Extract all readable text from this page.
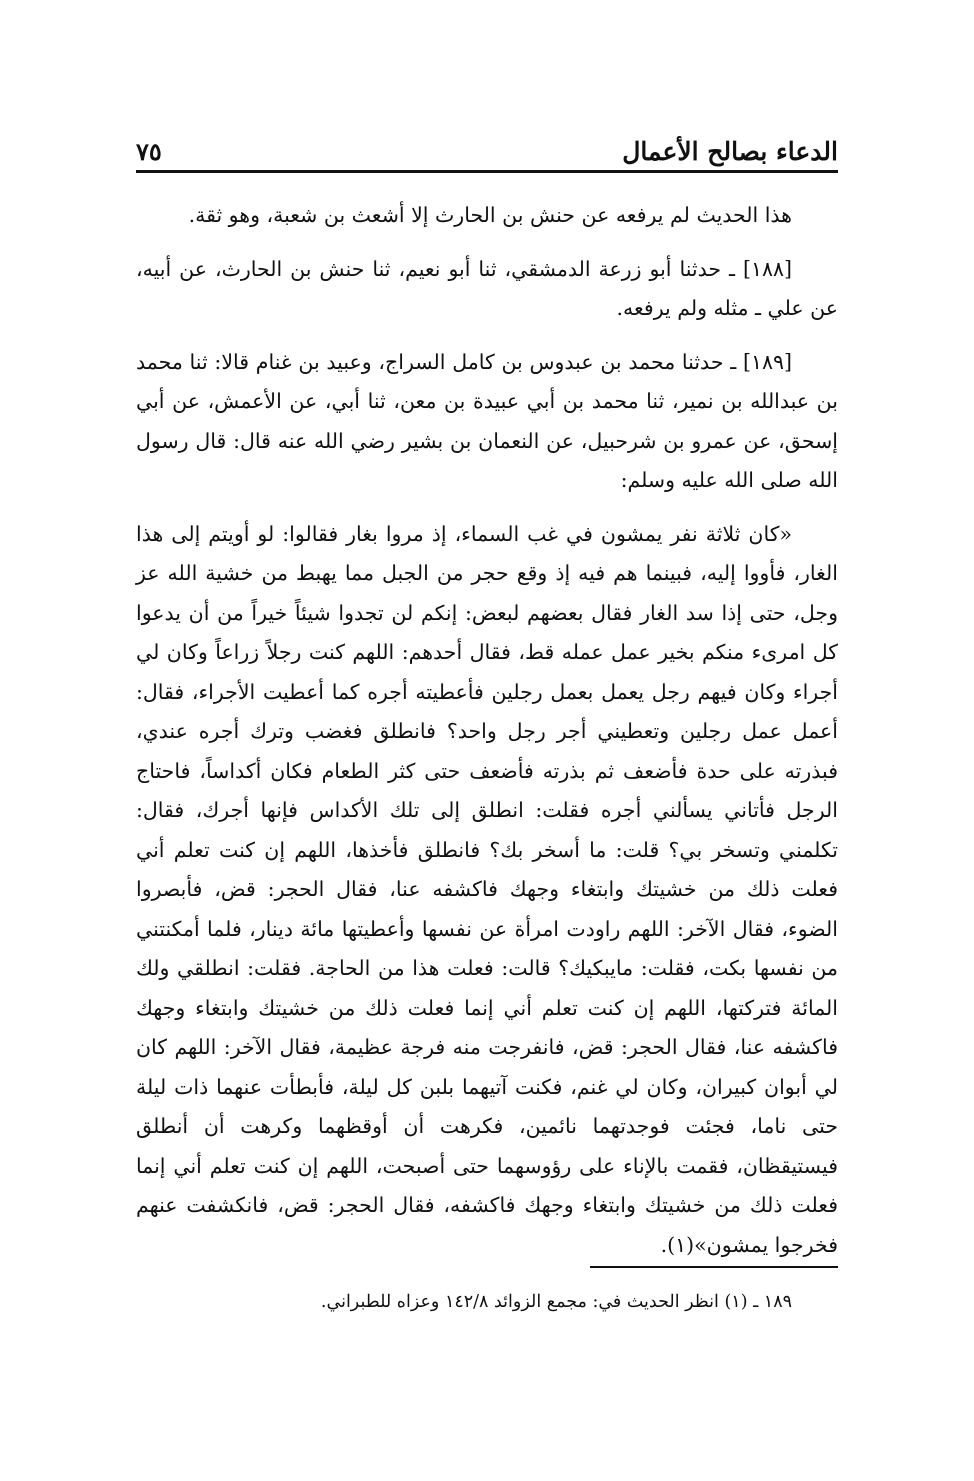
الدعاء بصالح الأعمال
٧٥

هذا الحديث لم يرفعه عن حنش بن الحارث إلا أشعث بن شعبة، وهو ثقة.

[١٨٨] ـ حدثنا أبو زرعة الدمشقي، ثنا أبو نعيم، ثنا حنش بن الحارث، عن أبيه، عن علي ـ مثله ولم يرفعه.

[١٨٩] ـ حدثنا محمد بن عبدوس بن كامل السراج، وعبيد بن غنام قالا: ثنا محمد بن عبدالله بن نمير، ثنا محمد بن أبي عبيدة بن معن، ثنا أبي، عن الأعمش، عن أبي إسحق، عن عمرو بن شرحبيل، عن النعمان بن بشير رضي الله عنه قال: قال رسول الله صلى الله عليه وسلم:

«كان ثلاثة نفر يمشون في غب السماء، إذ مروا بغار فقالوا: لو أويتم إلى هذا الغار، فأووا إليه، فبينما هم فيه إذ وقع حجر من الجبل مما يهبط من خشية الله عز وجل، حتى إذا سد الغار فقال بعضهم لبعض: إنكم لن تجدوا شيئاً خيراً من أن يدعوا كل امرىء منكم بخير عمل عمله قط، فقال أحدهم: اللهم كنت رجلاً زراعاً وكان لي أجراء وكان فيهم رجل يعمل بعمل رجلين فأعطيته أجره كما أعطيت الأجراء، فقال: أعمل عمل رجلين وتعطيني أجر رجل واحد؟ فانطلق فغضب وترك أجره عندي، فبذرته على حدة فأضعف ثم بذرته فأضعف حتى كثر الطعام فكان أكداساً، فاحتاج الرجل فأتاني يسألني أجره فقلت: انطلق إلى تلك الأكداس فإنها أجرك، فقال: تكلمني وتسخر بي؟ قلت: ما أسخر بك؟ فانطلق فأخذها، اللهم إن كنت تعلم أني فعلت ذلك من خشيتك وابتغاء وجهك فاكشفه عنا، فقال الحجر: قض، فأبصروا الضوء، فقال الآخر: اللهم راودت امرأة عن نفسها وأعطيتها مائة دينار، فلما أمكنتني من نفسها بكت، فقلت: مايبكيك؟ قالت: فعلت هذا من الحاجة. فقلت: انطلقي ولك المائة فتركتها، اللهم إن كنت تعلم أني إنما فعلت ذلك من خشيتك وابتغاء وجهك فاكشفه عنا، فقال الحجر: قض، فانفرجت منه فرجة عظيمة، فقال الآخر: اللهم كان لي أبوان كبيران، وكان لي غنم، فكنت آتيهما بلبن كل ليلة، فأبطأت عنهما ذات ليلة حتى ناما، فجئت فوجدتهما نائمين، فكرهت أن أوقظهما وكرهت أن أنطلق فيستيقظان، فقمت بالإناء على رؤوسهما حتى أصبحت، اللهم إن كنت تعلم أني إنما فعلت ذلك من خشيتك وابتغاء وجهك فاكشفه، فقال الحجر: قض، فانكشفت عنهم فخرجوا يمشون»(١).

١٨٩ ـ (١) انظر الحديث في: مجمع الزوائد ١٤٢/٨ وعزاه للطبراني.
